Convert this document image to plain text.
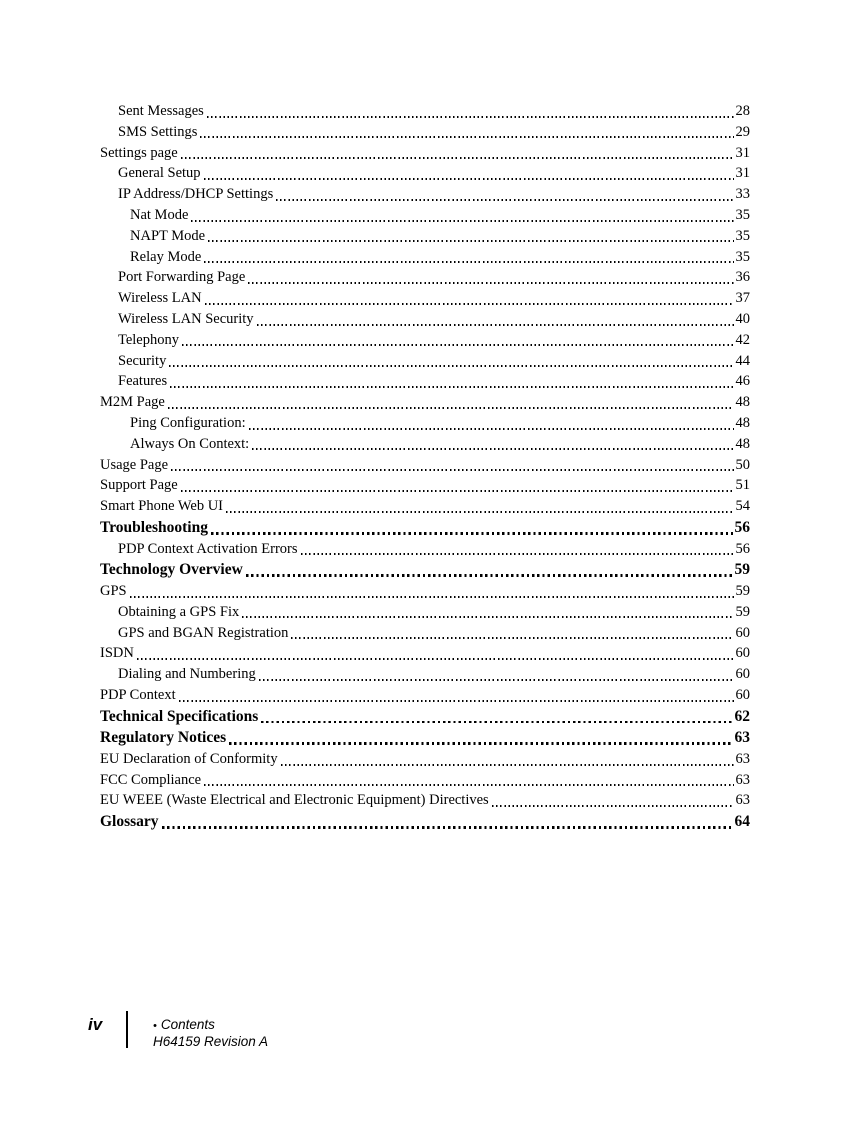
Sent Messages	28
SMS Settings	29
Settings page	31
General Setup	31
IP Address/DHCP Settings	33
Nat Mode	35
NAPT Mode	35
Relay Mode	35
Port Forwarding Page	36
Wireless LAN	37
Wireless LAN Security	40
Telephony	42
Security	44
Features	46
M2M Page	48
Ping Configuration:	48
Always On Context:	48
Usage Page	50
Support Page	51
Smart Phone Web UI	54
Troubleshooting	56
PDP Context Activation Errors	56
Technology Overview	59
GPS	59
Obtaining a GPS Fix	59
GPS and BGAN Registration	60
ISDN	60
Dialing and Numbering	60
PDP Context	60
Technical Specifications	62
Regulatory Notices	63
EU Declaration of Conformity	63
FCC Compliance	63
EU WEEE (Waste Electrical and Electronic Equipment) Directives	63
Glossary	64
iv	• Contents
H64159 Revision A
